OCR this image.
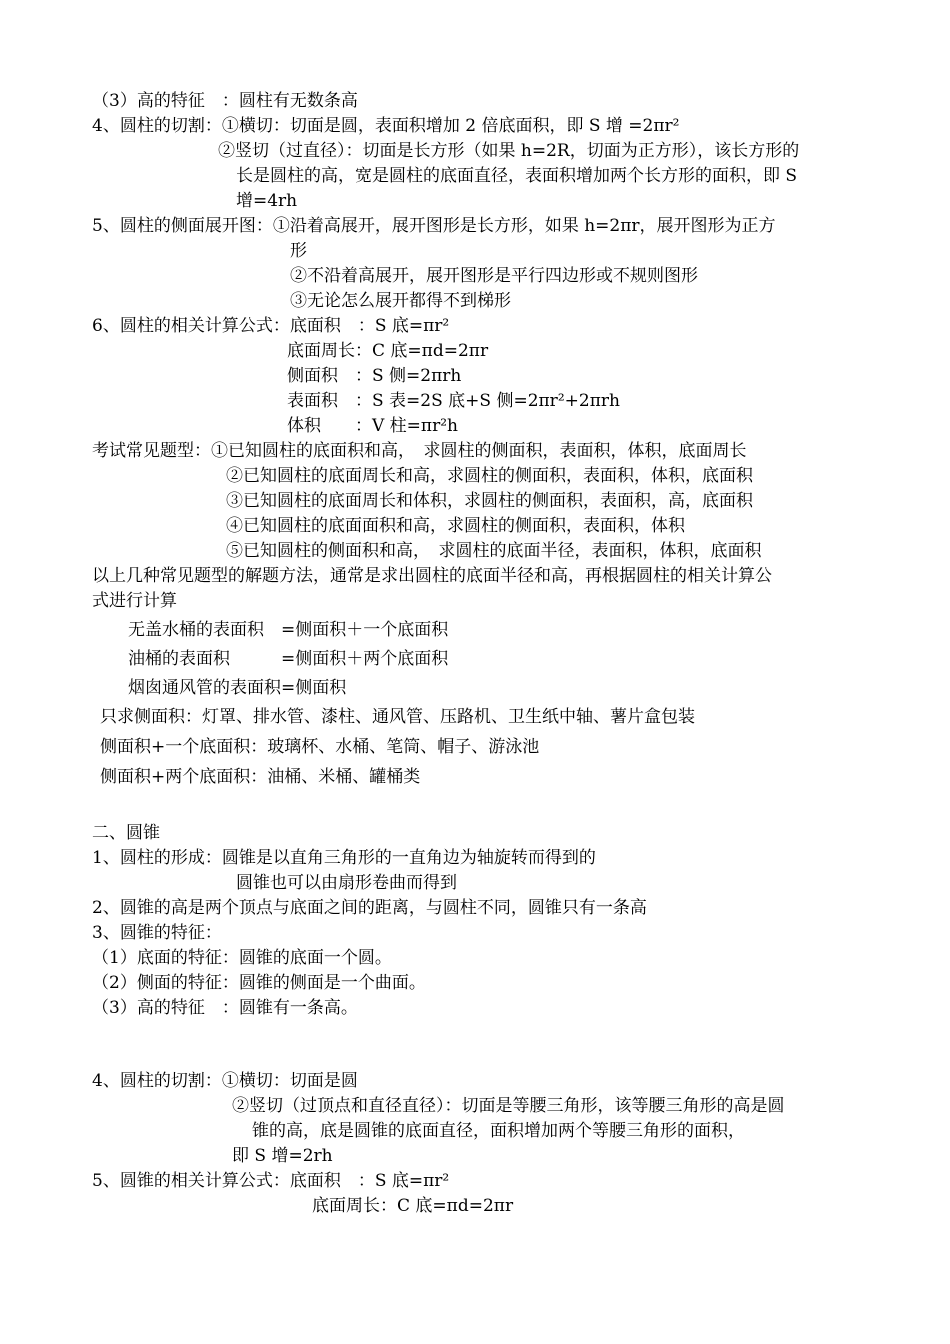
（3）高的特征　：圆柱有无数条高
4、圆柱的切割：①横切：切面是圆，表面积增加 2 倍底面积，即 S 增 =2πr²
②竖切（过直径）：切面是长方形（如果 h=2R，切面为正方形），该长方形的
长是圆柱的高，宽是圆柱的底面直径，表面积增加两个长方形的面积，即 S
增=4rh
5、圆柱的侧面展开图：①沿着高展开，展开图形是长方形，如果 h=2πr，展开图形为正方
形
②不沿着高展开，展开图形是平行四边形或不规则图形
③无论怎么展开都得不到梯形
6、圆柱的相关计算公式：底面积　：S 底=πr²
底面周长：C 底=πd=2πr
侧面积　：S 侧=2πrh
表面积　：S 表=2S 底+S 侧=2πr²+2πrh
体积　　：V 柱=πr²h
考试常见题型：①已知圆柱的底面积和高，　求圆柱的侧面积，表面积，体积，底面周长
②已知圆柱的底面周长和高，求圆柱的侧面积，表面积，体积，底面积
③已知圆柱的底面周长和体积，求圆柱的侧面积，表面积，高，底面积
④已知圆柱的底面面积和高，求圆柱的侧面积，表面积，体积
⑤已知圆柱的侧面积和高，　求圆柱的底面半径，表面积，体积，底面积
以上几种常见题型的解题方法，通常是求出圆柱的底面半径和高，再根据圆柱的相关计算公
式进行计算
无盖水桶的表面积　=侧面积＋一个底面积
油桶的表面积　　　=侧面积＋两个底面积
烟囱通风管的表面积=侧面积
只求侧面积：灯罩、排水管、漆柱、通风管、压路机、卫生纸中轴、薯片盒包装
侧面积+一个底面积：玻璃杯、水桶、笔筒、帽子、游泳池
侧面积+两个底面积：油桶、米桶、罐桶类
二、圆锥
1、圆柱的形成：圆锥是以直角三角形的一直角边为轴旋转而得到的
圆锥也可以由扇形卷曲而得到
2、圆锥的高是两个顶点与底面之间的距离，与圆柱不同，圆锥只有一条高
3、圆锥的特征：
（1）底面的特征：圆锥的底面一个圆。
（2）侧面的特征：圆锥的侧面是一个曲面。
（3）高的特征　：圆锥有一条高。
4、圆柱的切割：①横切：切面是圆
②竖切（过顶点和直径直径）：切面是等腰三角形，该等腰三角形的高是圆
锥的高，底是圆锥的底面直径，面积增加两个等腰三角形的面积，
即 S 增=2rh
5、圆锥的相关计算公式：底面积　：S 底=πr²
底面周长：C 底=πd=2πr
